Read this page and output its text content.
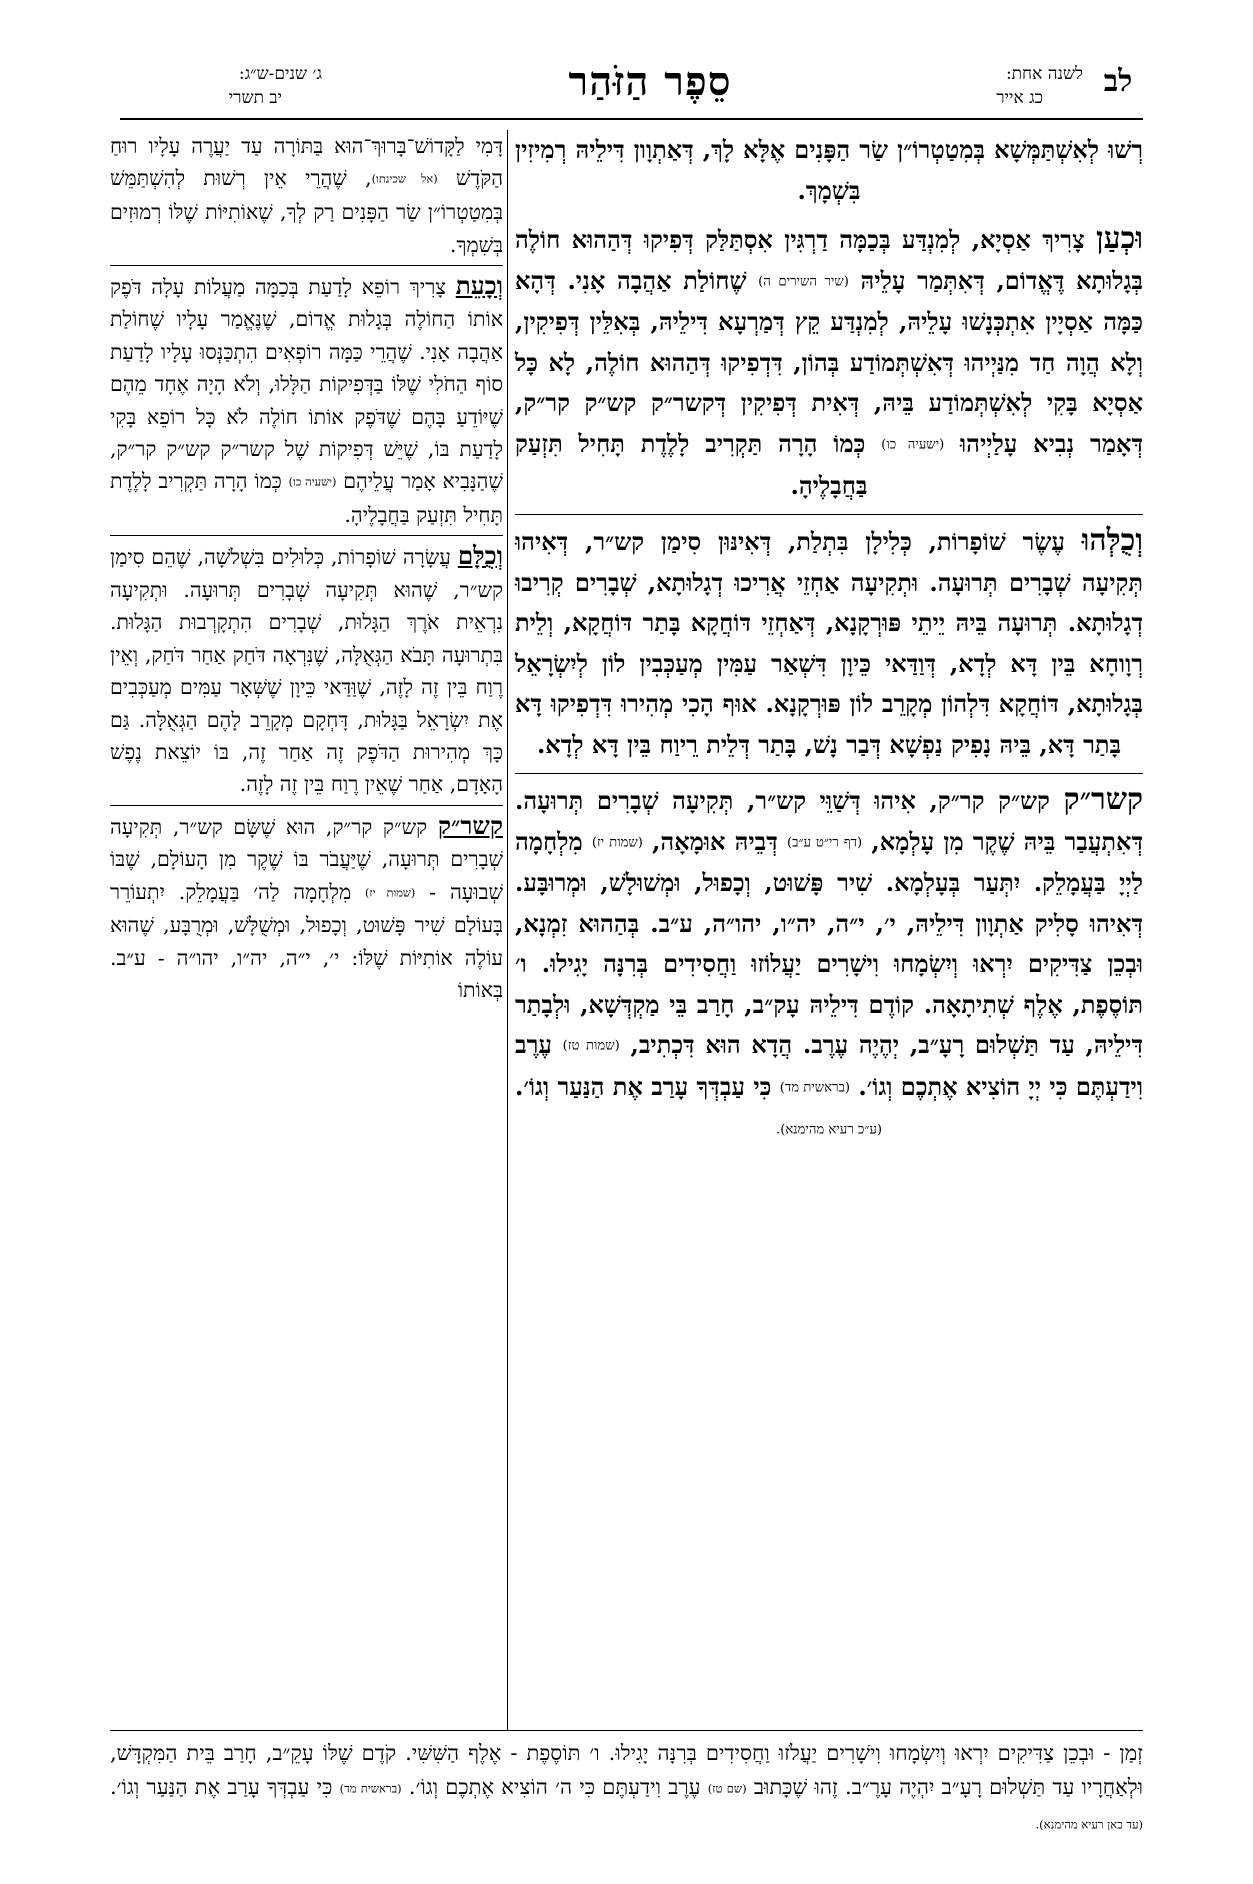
לב
לשנה אחת:
כג אייר
סֵפֶר הַזֹּהַר
ג׳ שנים-ש״ג:
יב תשרי

רְשׁוּ לְאִשְׁתַּמְּשָׁא בְּמִטַטְרוֹ״ן שַׂר הַפָּנִים אֶלָּא לָךְ, דְּאַתְוָון דִּילֵיהּ רְמִיזִין בִּשְׁמָךְ.

וּכְעַן צָרִיךְ אַסְיָא, לְמִנְדַּע בְּכַמָּה דַרְגִּין אִסְתַּלַּק דְּפִיקוּ דְּהַהוּא חוֹלֶה בְּגָלוּתָא דֶּאֱדוֹם, דְּאִתְּמַר עָלֵיהּ (שיר השירים ה) שֶׁחוֹלַת אַהֲבָה אָנִי. דְּהָא כַּמָּה אַסְיָין אִתְכְּנָשׁוּ עָלֵיהּ, לְמִנְדַּע קֵץ דְּמַרְעָא דִּילֵיהּ, בְּאִלֵּין דְּפִיקִין, וְלָא הֲוָה חַד מִנַּיְיהוּ דְּאִשְׁתְּמוֹדַע בְּהוֹן, דִּדְפִיקוּ דְּהַהוּא חוֹלֶה, לָא כָּל אַסְיָא בָּקִי לְאִשְׁתְּמוֹדַע בֵּיהּ, דְּאִית דְּפִיקִין דְּקשר״ק קש״ק קר״ק, דְּאָמַר נְבִיא עָלַיְיהוּ (ישעיה כו) כְּמוֹ הָרָה תַּקְרִיב לָלֶדֶת תָּחִיל תִּזְעַק בַּחֲבָלֶיהָ.

וְכֻלְּהוּ עֶשֶׂר שׁוֹפָרוֹת, כְּלִילָן בִּתְלַת, דְּאִינּוּן סִימַן קש״ר, דְּאִיהוּ תְּקִיעָה שְׁבָרִים תְּרוּעָה. וּתְקִיעָה אַחְזֵי אֲרִיכוּ דְגָלוּתָא, שְׁבָרִים קְרִיבוּ דְגָלוּתָא. תְּרוּעָה בֵּיהּ יֵיתֵי פּוּרְקָנָא, דְּאַחְזֵי דּוֹחֲקָא בָּתַר דּוֹחֲקָא, וְלֵית רְוָוחָא בֵּין דָּא לְדָא, דְּוַדַּאי כֵּיוָן דִּשְׁאַר עַמִּין מְעַכְּבִין לוֹן לְיִשְׂרָאֵל בְּגָלוּתָא, דּוֹחֲקָא דִּלְהוֹן מְקָרֵב לוֹן פּוּרְקָנָא. אוּף הָכִי מְהִירוּ דִּדְפִיקוּ דָּא בָּתַר דָּא, בֵּיהּ נָפִיק נַפְשָׁא דְּבַר נָשׁ, בָּתַר דְּלֵית רֵיוַח בֵּין דָּא לְדָא.

קשר״ק קש״ק קר״ק, אִיהוּ דְּשַׁוֵּי קש״ר, תְּקִיעָה שְׁבָרִים תְּרוּעָה. דְּאִתְעֲבַר בֵּיהּ שֶׁקֶר מִן עָלְמָא, (דף רי״ט ע״ב) דְּבֵיהּ אוּמָאָה, (שמות יז) מִלְחָמָה לַיְיָ בַּעֲמָלֵק. יִתְּעַר בְּעָלְמָא. שִׁיר פָּשׁוּט, וְכָפוּל, וּמְשׁוּלָשׁ, וּמְרוּבָּע. דְּאִיהוּ סָלִיק אַתְוָון דִּילֵיהּ, י׳, י״ה, יה״ו, יהו״ה, ע״ב. בְּהַהוּא זִמְנָא, וּבְכֵן צַדִּיקִים יִרְאוּ וְיִשְׂמָחוּ וִישָׁרִים יַעֲלוֹזוּ וַחֲסִידִים בְּרִנָּה יָגִילוּ. ו׳ תּוֹסֶפֶת, אֶלֶף שְׁתִיתָאָה. קוֹדֶם דִּילֵיהּ עָק״ב, חָרַב בֵּי מַקְדְּשָׁא, וּלְבָתַר דִּילֵיהּ, עַד תַּשְׁלוּם רָעָ״ב, יְהֶיֶה עֶרֶב. הֲדָא הוּא דִּכְתִיב, (שמות טז) עֶרֶב וִידַעְתֶּם כִּי יְיָ הוֹצִיא אֶתְכֶם וְגוֹ׳. (בראשית מד) כִּי עַבְדְּךָ עָרַב אֶת הַנַּעַר וְגוֹ׳. (ע״כ רעיא מהימנא).

דָּמִי לַקָּדוֹשׁ־בָּרוּךְ־הוּא בַּתּוֹרָה עַד יַעֲרֶה עָלָיו רוּחַ הַקֹּדֶשׁ (אל שכינתו), שֶׁהֲרֵי אֵין רְשׁוּת לְהִשְׁתַּמֵּשׁ בְּמִטַטְרוֹ״ן שַׂר הַפָּנִים רַק לְךָ, שֶׁאוֹתִיּוֹת שֶׁלּוֹ רְמוּזִים בְּשִׁמְךָ.

וְכָעֵת צָרִיךְ רוֹפֵא לָדַעַת בְּכַמָּה מַעֲלוֹת עָלָה דֹּפֶק אוֹתוֹ הַחוֹלֶה בְּגָלוּת אֱדוֹם, שֶׁנֶּאֱמַר עָלָיו שֶׁחוֹלַת אַהֲבָה אָנִי. שֶׁהֲרֵי כַּמָּה רוֹפְאִים הִתְכַּנְּסוּ עָלָיו לָדַעַת סוֹף הַחֹלִי שֶׁלּוֹ בַּדְּפִיקוֹת הַלָּלוּ, וְלֹא הָיָה אֶחָד מֵהֶם שֶׁיּוֹדֵעַ בָּהֶם שֶׁדֹּפֶק אוֹתוֹ חוֹלֶה לֹא כָּל רוֹפֵא בָּקִי לָדַעַת בּוֹ, שֶׁיֵּשׁ דְּפִיקוֹת שֶׁל קשר״ק קש״ק קר״ק, שֶׁהַנָּבִיא אָמַר עֲלֵיהֶם (ישעיה כו) כְּמוֹ הָרָה תַּקְרִיב לָלֶדֶת תָּחִיל תִּזְעַק בַּחֲבָלֶיהָ.

וְכֻלָּם עֲשָׂרָה שׁוֹפָרוֹת, כְּלוּלִים בִּשְׁלֹשָׁה, שֶׁהֵם סִימַן קש״ר, שֶׁהוּא תְּקִיעָה שְׁבָרִים תְּרוּעָה. וּתְקִיעָה נִרְאֵית אֹרֶךְ הַגָּלוּת, שְׁבָרִים הִתְקָרְבוּת הַגָּלוּת. בִּתְרוּעָה תָּבֹא הַגְּאֻלָּה, שֶׁנִּרְאָה דֹּחַק אַחַר דֹּחַק, וְאֵין רֶוַח בֵּין זֶה לָזֶה, שֶׁוַּדַּאי כֵּיוָן שֶׁשְּׁאָר עַמִּים מְעַכְּבִים אֶת יִשְׂרָאֵל בַּגָּלוּת, דָּחְקָם מְקָרֵב לָהֶם הַגְּאֻלָּה. גַּם כָּךְ מְהִירוּת הַדֹּפֶק זֶה אַחַר זֶה, בּוֹ יוֹצֵאת נֶפֶשׁ הָאָדָם, אַחַר שֶׁאֵין רֶוַח בֵּין זֶה לָזֶה.

קשר״ק קש״ק קר״ק, הוּא שֶׁשָּׂם קש״ר, תְּקִיעָה שְׁבָרִים תְּרוּעָה, שֶׁיַּעֲבֹר בּוֹ שֶׁקֶר מִן הָעוֹלָם, שֶׁבּוֹ שְׁבוּעָה - (שמות יז) מִלְחָמָה לַה׳ בַּעֲמָלֵק. יִתְעוֹרֵר בָּעוֹלָם שִׁיר פָּשׁוּט, וְכָפוּל, וּמְשֻׁלָּשׁ, וּמְרֻבָּע, שֶׁהוּא עוֹלֶה אוֹתִיּוֹת שֶׁלּוֹ: י׳, י״ה, יה״ו, יהו״ה - ע״ב. בְּאוֹתוֹ

זְמַן - וּבְכֵן צַדִּיקִים יִרְאוּ וְיִשְׂמָחוּ וִישָׁרִים יַעֲלֹזוּ וַחֲסִידִים בְּרִנָּה יָגִילוּ. ו׳ תּוֹסֶפֶת - אֶלֶף הַשִּׁשִּׁי. קֹדֶם שֶׁלּוֹ עָקֵ״ב, חָרַב בֵּית הַמִּקְדָּשׁ, וּלְאַחֲרָיו עַד תַּשְׁלוּם רָעָ״ב יִהְיֶה עָרֶ״ב. זֶהוּ שֶׁכָּתוּב (שם טז) עֶרֶב וִידַעְתֶּם כִּי ה׳ הוֹצִיא אֶתְכֶם וְגוֹ׳. (בראשית מד) כִּי עַבְדְּךָ עָרַב אֶת הַנַּעַר וְגוֹ׳. (עד כאן רעיא מהימנא).
